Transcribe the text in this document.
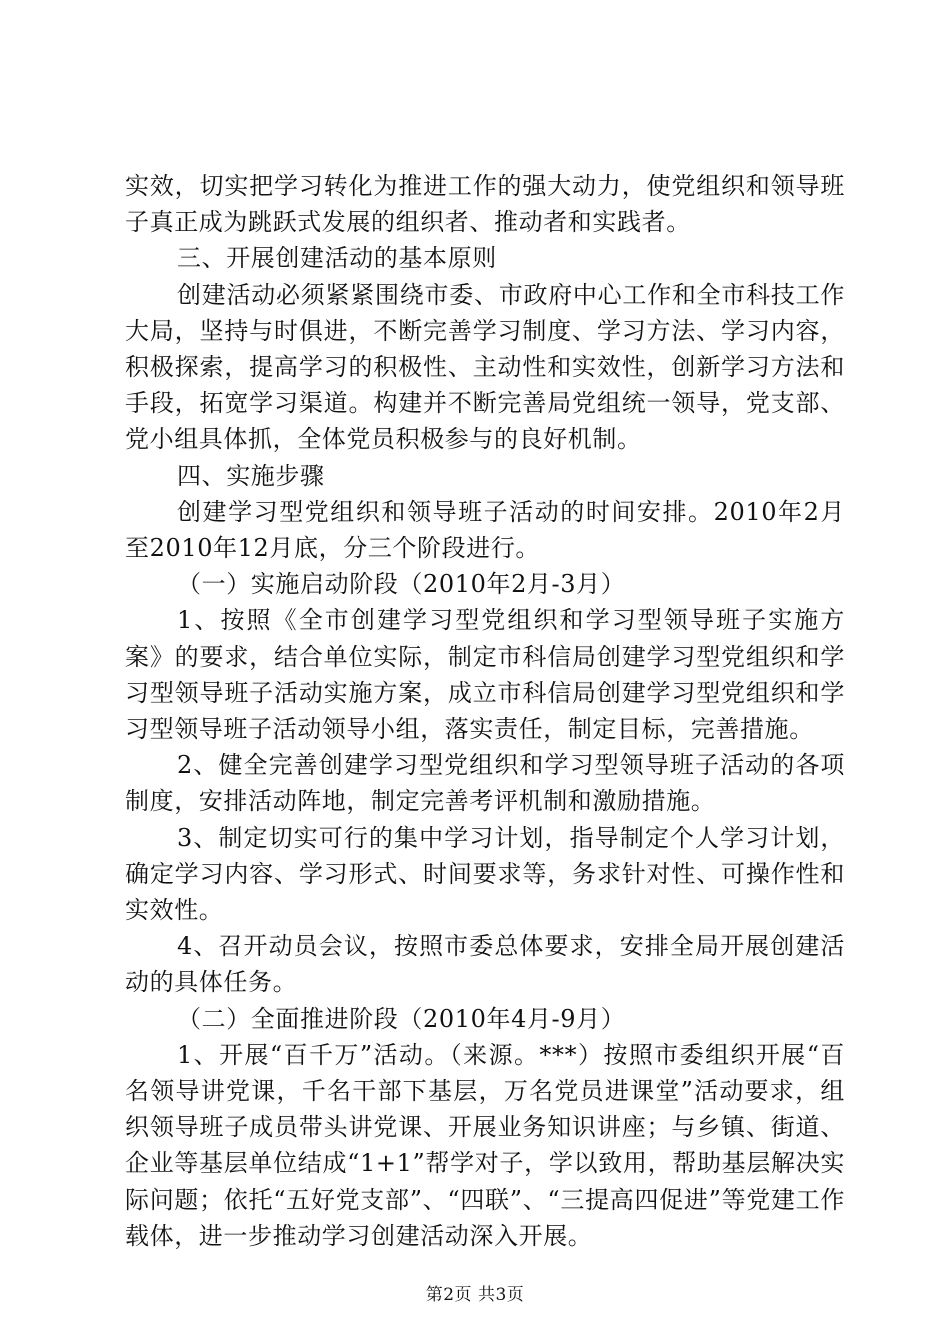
实效，切实把学习转化为推进工作的强大动力，使党组织和领导班子真正成为跳跃式发展的组织者、推动者和实践者。

三、开展创建活动的基本原则

创建活动必须紧紧围绕市委、市政府中心工作和全市科技工作大局，坚持与时俱进，不断完善学习制度、学习方法、学习内容，积极探索，提高学习的积极性、主动性和实效性，创新学习方法和手段，拓宽学习渠道。构建并不断完善局党组统一领导，党支部、党小组具体抓，全体党员积极参与的良好机制。

四、实施步骤

创建学习型党组织和领导班子活动的时间安排。2010年2月至2010年12月底，分三个阶段进行。

（一）实施启动阶段（2010年2月-3月）

1、按照《全市创建学习型党组织和学习型领导班子实施方案》的要求，结合单位实际，制定市科信局创建学习型党组织和学习型领导班子活动实施方案，成立市科信局创建学习型党组织和学习型领导班子活动领导小组，落实责任，制定目标，完善措施。

2、健全完善创建学习型党组织和学习型领导班子活动的各项制度，安排活动阵地，制定完善考评机制和激励措施。

3、制定切实可行的集中学习计划，指导制定个人学习计划，确定学习内容、学习形式、时间要求等，务求针对性、可操作性和实效性。

4、召开动员会议，按照市委总体要求，安排全局开展创建活动的具体任务。

（二）全面推进阶段（2010年4月-9月）

1、开展“百千万”活动。（来源。***）按照市委组织开展“百名领导讲党课，千名干部下基层，万名党员进课堂”活动要求，组织领导班子成员带头讲党课、开展业务知识讲座；与乡镇、街道、企业等基层单位结成“1+1”帮学对子，学以致用，帮助基层解决实际问题；依托“五好党支部”、“四联”、“三提高四促进”等党建工作载体，进一步推动学习创建活动深入开展。

第2页 共3页
